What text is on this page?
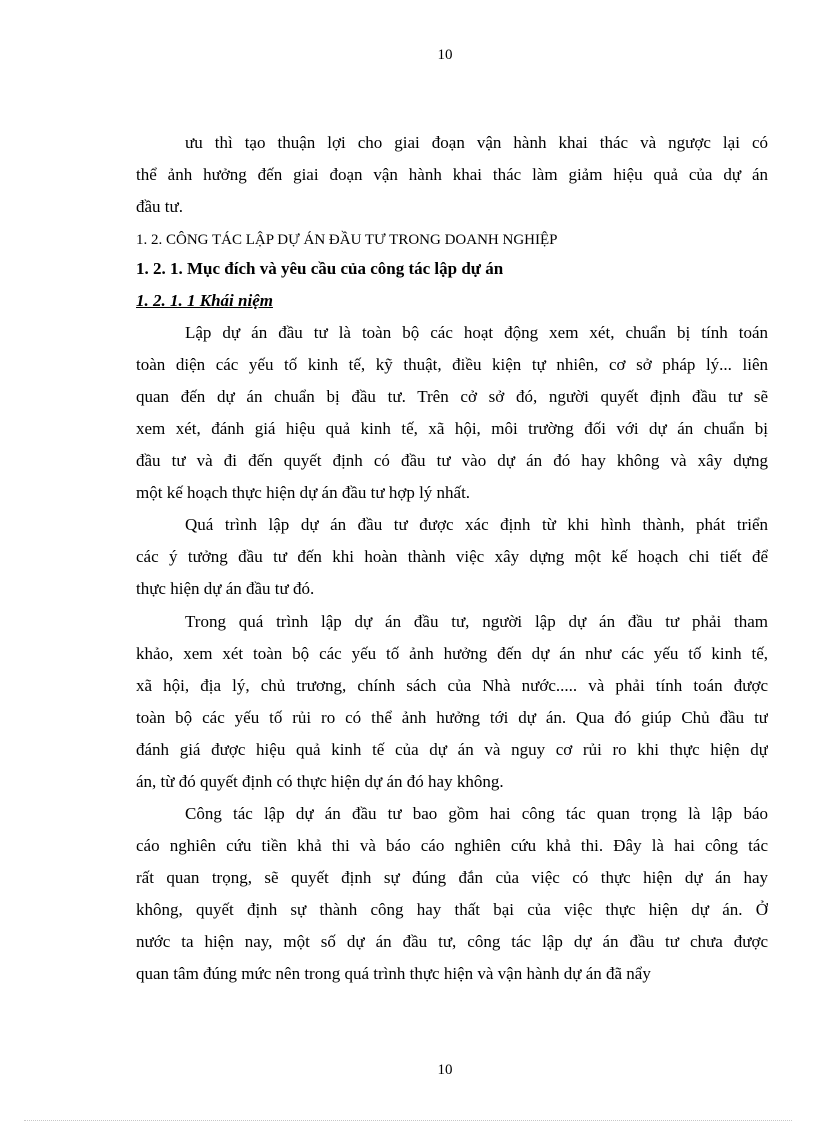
10
ưu thì tạo thuận lợi cho giai đoạn vận hành khai thác và ngược lại có
thể ảnh hưởng đến giai đoạn vận hành khai thác làm giảm hiệu quả của dự án
đầu tư.
1. 2. CÔNG TÁC LẬP DỰ ÁN ĐẦU TƯ TRONG DOANH NGHIỆP
1. 2. 1. Mục đích và yêu cầu của công tác lập dự án
1. 2. 1. 1 Khái niệm
Lập dự án đầu tư là toàn bộ các hoạt động xem xét, chuẩn bị tính toán
toàn diện các yếu tố kinh tế, kỹ thuật, điều kiện tự nhiên, cơ sở pháp lý... liên
quan đến dự án chuẩn bị đầu tư. Trên cở sở đó, người quyết định đầu tư sẽ
xem xét, đánh giá hiệu quả kinh tế, xã hội, môi trường đối với dự án chuẩn bị
đầu tư và đi đến quyết định có đầu tư vào dự án đó hay không và xây dựng
một kế hoạch thực hiện dự án đầu tư hợp lý nhất.
Quá trình lập dự án đầu tư được xác định từ khi hình thành, phát triển
các ý tưởng đầu tư đến khi hoàn thành việc xây dựng một kế hoạch chi tiết để
thực hiện dự án đầu tư đó.
Trong quá trình lập dự án đầu tư, người lập dự án đầu tư phải tham
khảo, xem xét toàn bộ các yếu tố ảnh hưởng đến dự án như các yếu tố kinh tế,
xã hội, địa lý, chủ trương, chính sách của Nhà nước..... và phải tính toán được
toàn bộ các yếu tố rủi ro có thể ảnh hưởng tới dự án. Qua đó giúp Chủ đầu tư
đánh giá được hiệu quả kinh tế của dự án và nguy cơ rủi ro khi thực hiện dự
án, từ đó quyết định có thực hiện dự án đó hay không.
Công tác lập dự án đầu tư bao gồm hai công tác quan trọng là lập báo
cáo nghiên cứu tiền khả thi và báo cáo nghiên cứu khả thi. Đây là hai công tác
rất quan trọng, sẽ quyết định sự đúng đắn của việc có thực hiện dự án hay
không, quyết định sự thành công hay thất bại của việc thực hiện dự án. Ở
nước ta hiện nay, một số dự án đầu tư, công tác lập dự án đầu tư chưa được
quan tâm đúng mức nên trong quá trình thực hiện và vận hành dự án đã nẩy
10
